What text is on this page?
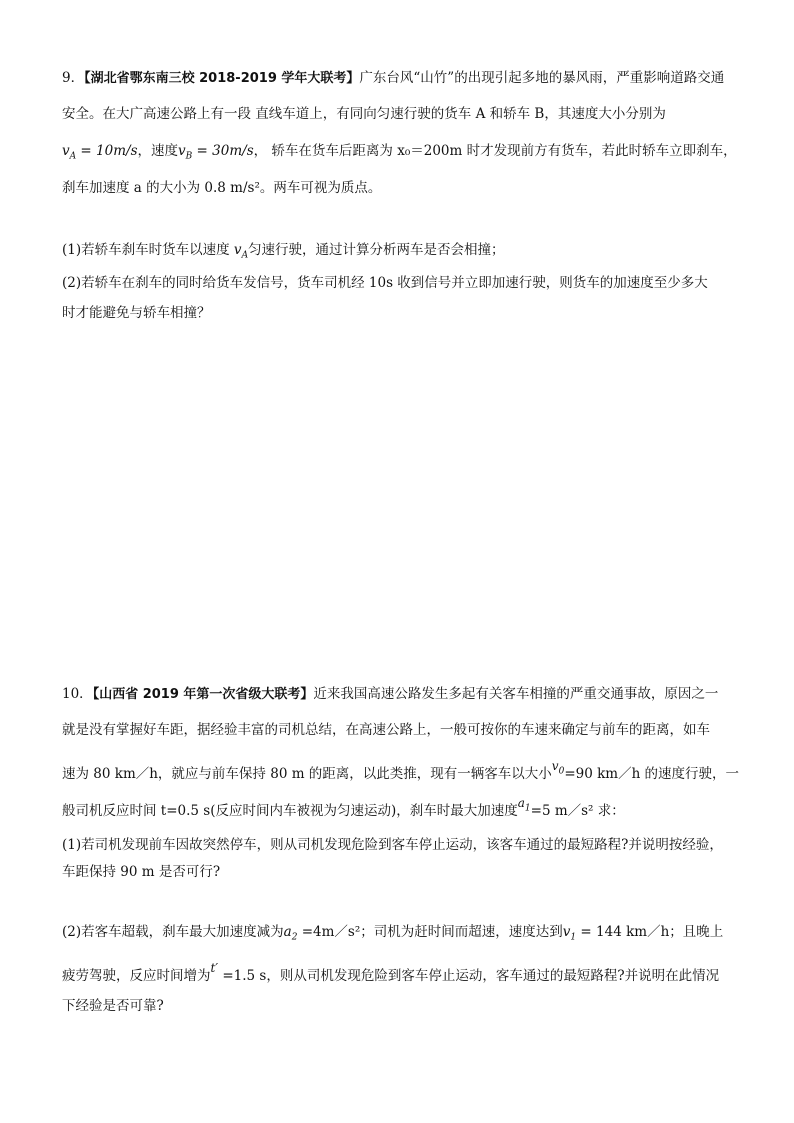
9．【湖北省鄂东南三校 2018-2019 学年大联考】广东台风“山竹”的出现引起多地的暴风雨，严重影响道路交通
安全。在大广高速公路上有一段 直线车道上，有同向匀速行驶的货车 A 和轿车 B，其速度大小分别为
$v_A = 10m/s$，速度$v_B = 30m/s$， 轿车在货车后距离为 x₀＝200m 时才发现前方有货车，若此时轿车立即刹车，
刹车加速度 a 的大小为 0.8 m/s²。两车可视为质点。
(1)若轿车刹车时货车以速度 $v_A$匀速行驶，通过计算分析两车是否会相撞；
(2)若轿车在刹车的同时给货车发信号，货车司机经 10s 收到信号并立即加速行驶，则货车的加速度至少多大
时才能避免与轿车相撞？
10．【山西省 2019 年第一次省级大联考】近来我国高速公路发生多起有关客车相撞的严重交通事故，原因之一
就是没有掌握好车距，据经验丰富的司机总结，在高速公路上，一般可按你的车速来确定与前车的距离，如车
速为 80 km／h，就应与前车保持 80 m 的距离，以此类推，现有一辆客车以大小$v_0=90$ km／h 的速度行驶，一
般司机反应时间 t=0.5 s(反应时间内车被视为匀速运动)，刹车时最大加速度$a_1=5$ m／s² 求：
(1)若司机发现前车因故突然停车，则从司机发现危险到客车停止运动，该客车通过的最短路程?并说明按经验，
车距保持 90 m 是否可行?
(2)若客车超载，刹车最大加速度减为$a_2$ =4m／s²；司机为赶时间而超速，速度达到$v_1 = 144$ km／h；且晚上
疲劳驾驶，反应时间增为t′ =1.5 s，则从司机发现危险到客车停止运动，客车通过的最短路程?并说明在此情况
下经验是否可靠?
